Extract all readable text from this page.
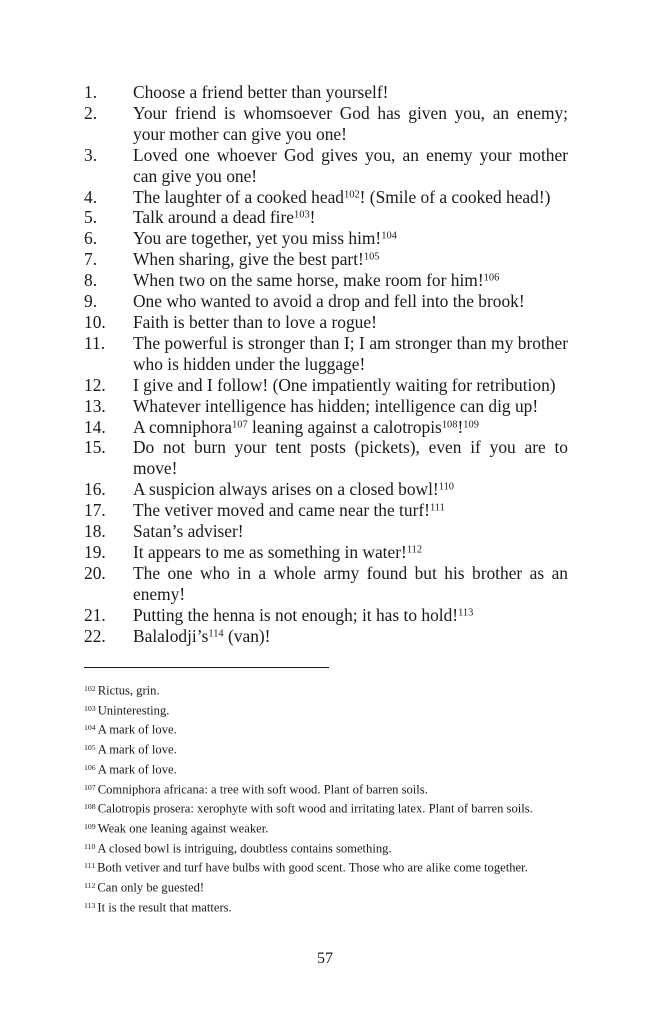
1.	Choose a friend better than yourself!
2.	Your friend is whomsoever God has given you, an enemy; your mother can give you one!
3.	Loved one whoever God gives you, an enemy your mother can give you one!
4.	The laughter of a cooked head$^{102}$! (Smile of a cooked head!)
5.	Talk around a dead fire$^{103}$!
6.	You are together, yet you miss him!$^{104}$
7.	When sharing, give the best part!$^{105}$
8.	When two on the same horse, make room for him!$^{106}$
9.	One who wanted to avoid a drop and fell into the brook!
10.	Faith is better than to love a rogue!
11.	The powerful is stronger than I; I am stronger than my brother who is hidden under the luggage!
12.	I give and I follow! (One impatiently waiting for retribution)
13.	Whatever intelligence has hidden; intelligence can dig up!
14.	A comniphora$^{107}$ leaning against a calotropis$^{108}$!$^{109}$
15.	Do not burn your tent posts (pickets), even if you are to move!
16.	A suspicion always arises on a closed bowl!$^{110}$
17.	The vetiver moved and came near the turf!$^{111}$
18.	Satan’s adviser!
19.	It appears to me as something in water!$^{112}$
20.	The one who in a whole army found but his brother as an enemy!
21.	Putting the henna is not enough; it has to hold!$^{113}$
22.	$Balalodji’s^{114}$ (van)!
$^{102}$ Rictus, grin.
$^{103}$ Uninteresting.
$^{104}$ A mark of love.
$^{105}$ A mark of love.
$^{106}$ A mark of love.
$^{107}$ Comniphora africana: a tree with soft wood. Plant of barren soils.
$^{108}$ Calotropis prosera: xerophyte with soft wood and irritating latex. Plant of barren soils.
$^{109}$ Weak one leaning against weaker.
$^{110}$ A closed bowl is intriguing, doubtless contains something.
$^{111}$ Both vetiver and turf have bulbs with good scent. Those who are alike come together.
$^{112}$ Can only be guested!
$^{113}$ It is the result that matters.
57
